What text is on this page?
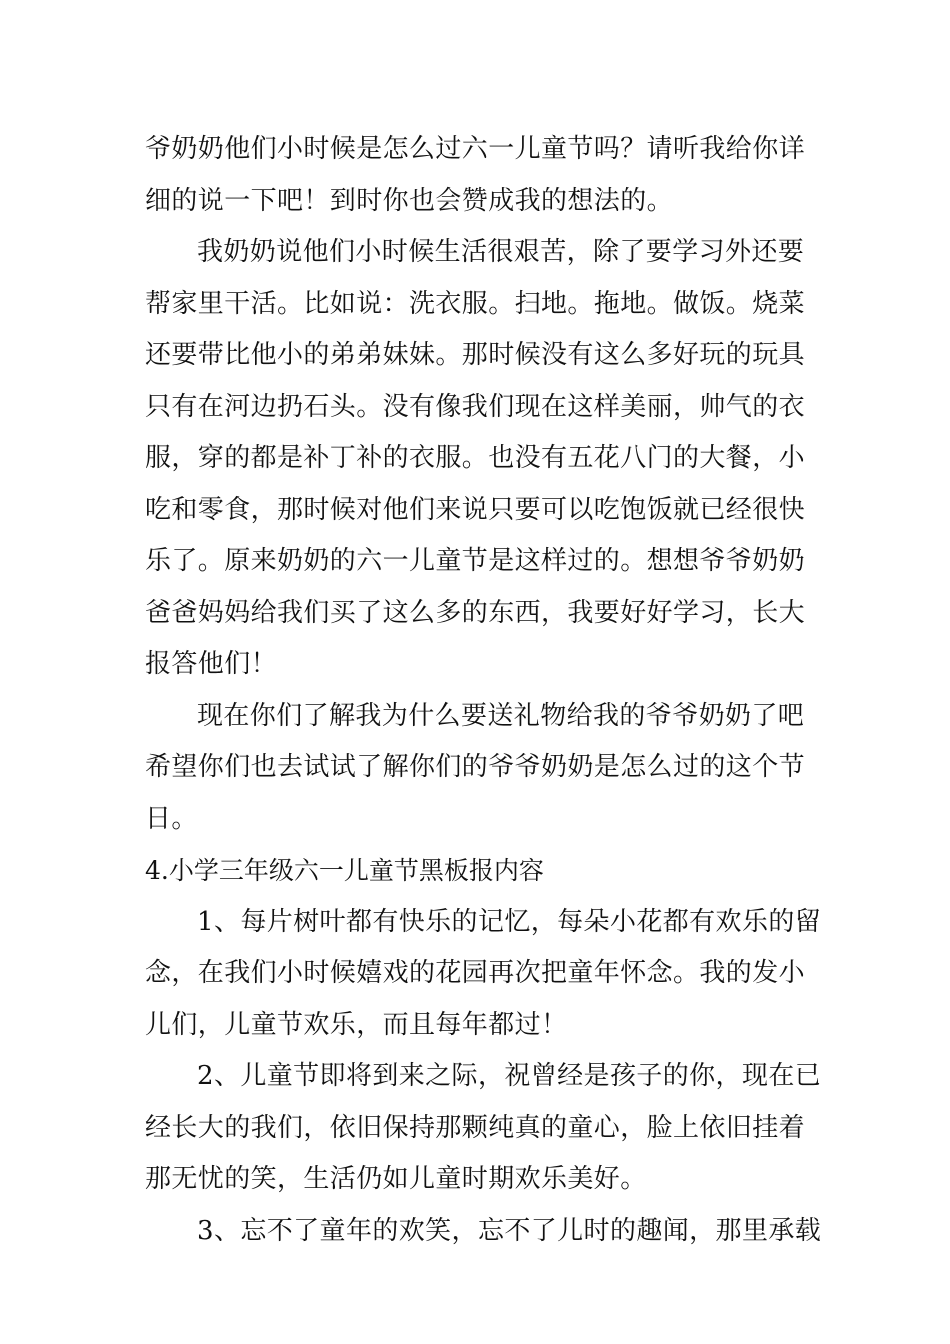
爷奶奶他们小时候是怎么过六一儿童节吗？请听我给你详
细的说一下吧！到时你也会赞成我的想法的。
我奶奶说他们小时候生活很艰苦，除了要学习外还要
帮家里干活。比如说：洗衣服。扫地。拖地。做饭。烧菜
还要带比他小的弟弟妹妹。那时候没有这么多好玩的玩具
只有在河边扔石头。没有像我们现在这样美丽，帅气的衣
服，穿的都是补丁补的衣服。也没有五花八门的大餐，小
吃和零食，那时候对他们来说只要可以吃饱饭就已经很快
乐了。原来奶奶的六一儿童节是这样过的。想想爷爷奶奶
爸爸妈妈给我们买了这么多的东西，我要好好学习，长大
报答他们！
现在你们了解我为什么要送礼物给我的爷爷奶奶了吧
希望你们也去试试了解你们的爷爷奶奶是怎么过的这个节
日。
4.小学三年级六一儿童节黑板报内容
1、每片树叶都有快乐的记忆，每朵小花都有欢乐的留
念，在我们小时候嬉戏的花园再次把童年怀念。我的发小
儿们，儿童节欢乐，而且每年都过！
2、儿童节即将到来之际，祝曾经是孩子的你，现在已
经长大的我们，依旧保持那颗纯真的童心，脸上依旧挂着
那无忧的笑，生活仍如儿童时期欢乐美好。
3、忘不了童年的欢笑，忘不了儿时的趣闻，那里承载
